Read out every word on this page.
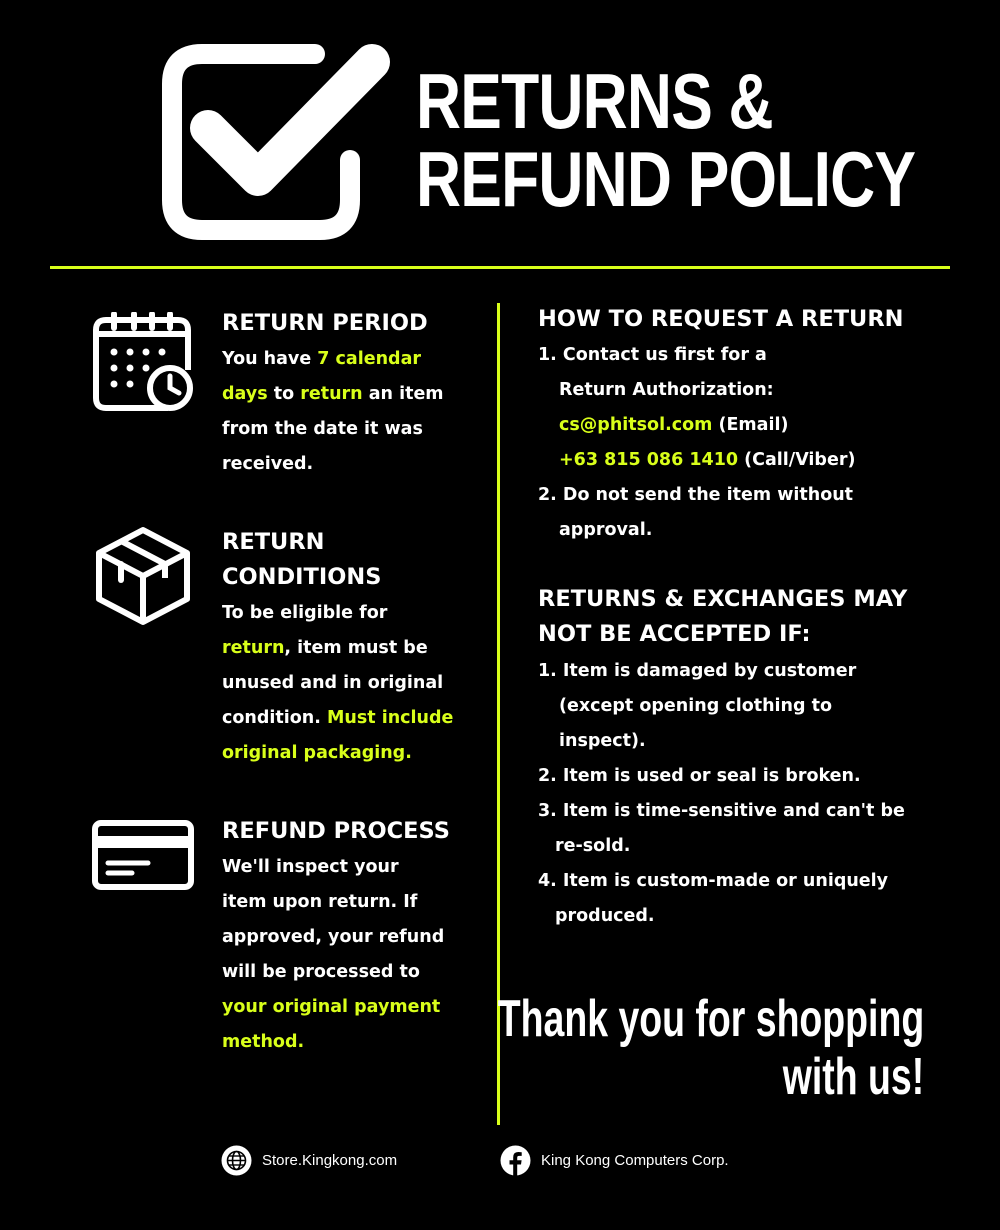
RETURNS &
REFUND POLICY
RETURN PERIOD
You have 7 calendar
days to return an item
from the date it was
received.
RETURN
CONDITIONS
To be eligible for
return, item must be
unused and in original
condition. Must include
original packaging.
REFUND PROCESS
We'll inspect your
item upon return. If
approved, your refund
will be processed to
your original payment
method.
HOW TO REQUEST A RETURN
1. Contact us first for a
Return Authorization:
cs@phitsol.com (Email)
+63 815 086 1410 (Call/Viber)
2. Do not send the item without
approval.
RETURNS & EXCHANGES MAY
NOT BE ACCEPTED IF:
1. Item is damaged by customer
(except opening clothing to
inspect).
2. Item is used or seal is broken.
3. Item is time-sensitive and can't be
re-sold.
4. Item is custom-made or uniquely
produced.
Thank you for shopping
with us!
Store.Kingkong.com	King Kong Computers Corp.
